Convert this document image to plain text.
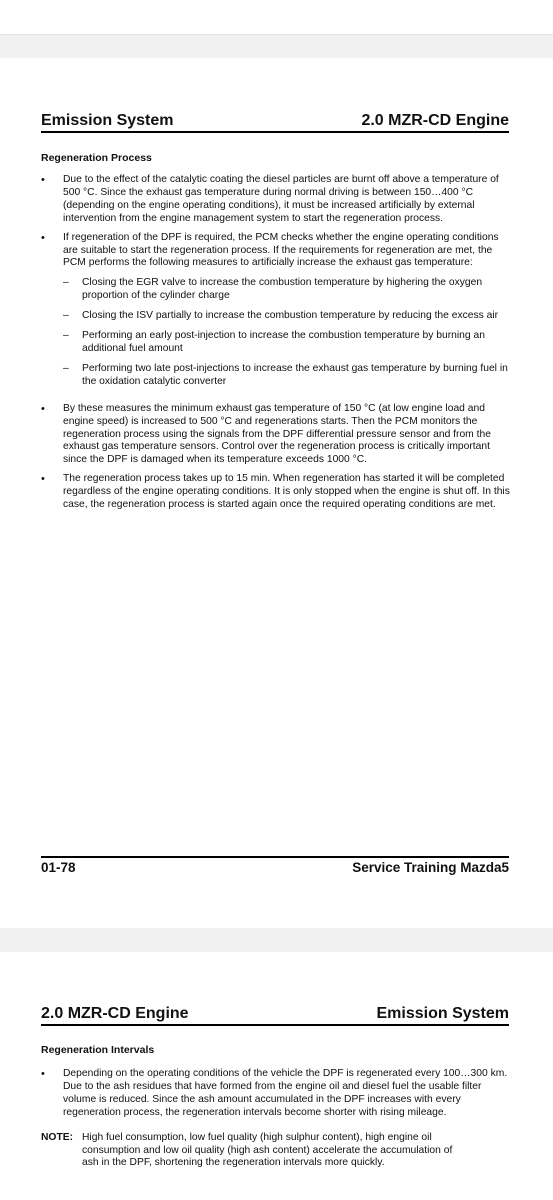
Emission System	2.0 MZR-CD Engine
Regeneration Process
• Due to the effect of the catalytic coating the diesel particles are burnt off above a temperature of 500 °C. Since the exhaust gas temperature during normal driving is between 150…400 °C (depending on the engine operating conditions), it must be increased artificially by external intervention from the engine management system to start the regeneration process.
• If regeneration of the DPF is required, the PCM checks whether the engine operating conditions are suitable to start the regeneration process. If the requirements for regeneration are met, the PCM performs the following measures to artificially increase the exhaust gas temperature:
– Closing the EGR valve to increase the combustion temperature by highering the oxygen proportion of the cylinder charge
– Closing the ISV partially to increase the combustion temperature by reducing the excess air
– Performing an early post-injection to increase the combustion temperature by burning an additional fuel amount
– Performing two late post-injections to increase the exhaust gas temperature by burning fuel in the oxidation catalytic converter
• By these measures the minimum exhaust gas temperature of 150 °C (at low engine load and engine speed) is increased to 500 °C and regenerations starts. Then the PCM monitors the regeneration process using the signals from the DPF differential pressure sensor and from the exhaust gas temperature sensors. Control over the regeneration process is critically important since the DPF is damaged when its temperature exceeds 1000 °C.
• The regeneration process takes up to 15 min. When regeneration has started it will be completed regardless of the engine operating conditions. It is only stopped when the engine is shut off. In this case, the regeneration process is started again once the required operating conditions are met.
01-78	Service Training Mazda5
2.0 MZR-CD Engine	Emission System
Regeneration Intervals
• Depending on the operating conditions of the vehicle the DPF is regenerated every 100…300 km. Due to the ash residues that have formed from the engine oil and diesel fuel the usable filter volume is reduced. Since the ash amount accumulated in the DPF increases with every regeneration process, the regeneration intervals become shorter with rising mileage.
NOTE: High fuel consumption, low fuel quality (high sulphur content), high engine oil
consumption and low oil quality (high ash content) accelerate the accumulation of
ash in the DPF, shortening the regeneration intervals more quickly.
